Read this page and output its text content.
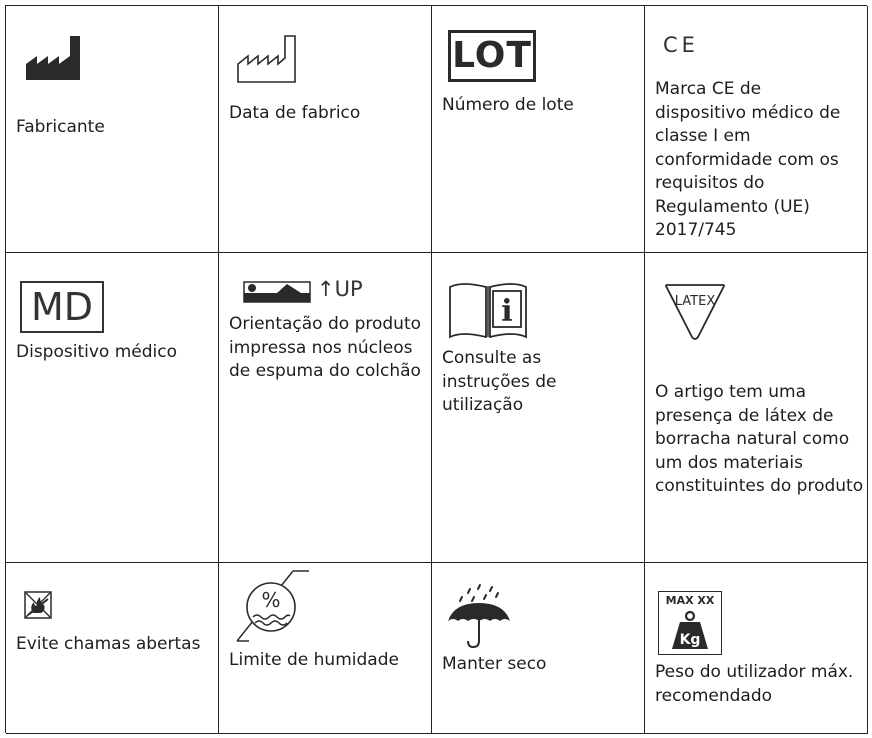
Fabricante

Data de fabrico

LOT

Número de lote

CE

Marca CE de dispositivo médico de classe I em conformidade com os requisitos do Regulamento (UE) 2017/745

MD

Dispositivo médico

↑UP

Orientação do produto impressa nos núcleos de espuma do colchão

i

Consulte as instruções de utilização

LATEX

O artigo tem uma presença de látex de borracha natural como um dos materiais constituintes do produto

Evite chamas abertas

%

Limite de humidade	Manter seco

MAX XX
Kg

Peso do utilizador máx. recomendado
